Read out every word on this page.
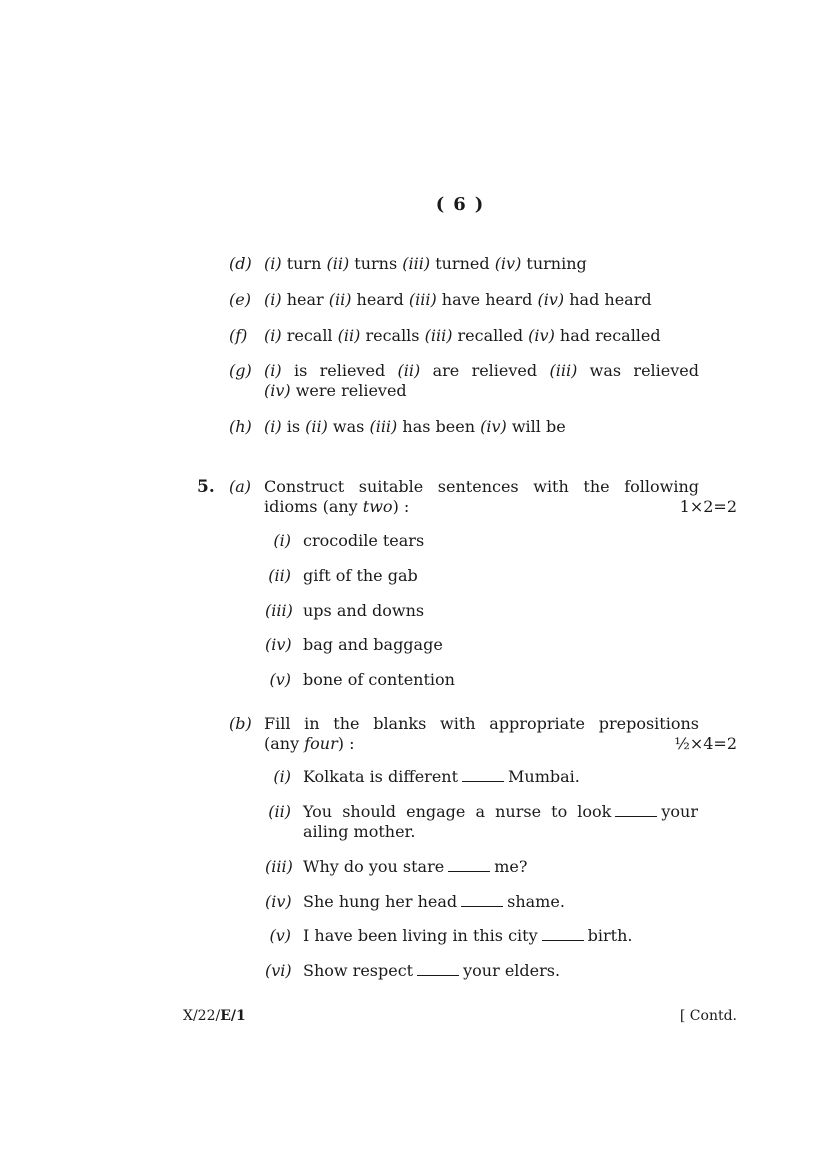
( 6 )
(d) (i) turn (ii) turns (iii) turned (iv) turning
(e) (i) hear (ii) heard (iii) have heard (iv) had heard
(f) (i) recall (ii) recalls (iii) recalled (iv) had recalled
(g) (i) is relieved (ii) are relieved (iii) was relieved
(iv) were relieved
(h) (i) is (ii) was (iii) has been (iv) will be
5. (a) Construct suitable sentences with the following
idioms (any two) :	1×2=2
(i) crocodile tears
(ii) gift of the gab
(iii) ups and downs
(iv) bag and baggage
(v) bone of contention
(b) Fill in the blanks with appropriate prepositions
(any four) :	½×4=2
(i) Kolkata is different	Mumbai.
(ii) You should engage a nurse to look	your
ailing mother.
(iii) Why do you stare	me?
(iv) She hung her head	shame.
(v) I have been living in this city	birth.
(vi) Show respect	your elders.
X/22/E/1	[ Contd.
